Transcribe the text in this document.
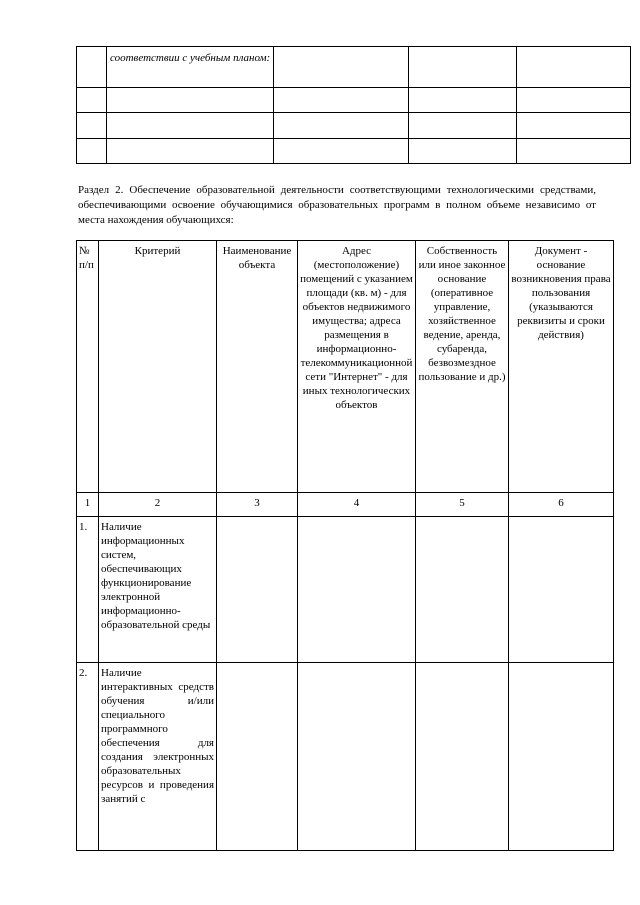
	соответствии с учебным планом:			

Раздел 2. Обеспечение образовательной деятельности соответствующими технологическими средствами, обеспечивающими освоение обучающимися образовательных программ в полном объеме независимо от места нахождения обучающихся:
№ п/п	Критерий	Наименование объекта	Адрес (местоположение) помещений с указанием площади (кв. м) - для объектов недвижимого имущества; адреса размещения в информационно-телекоммуникационной сети "Интернет" - для иных технологических объектов	Собственность или иное законное основание (оперативное управление, хозяйственное ведение, аренда, субаренда, безвозмездное пользование и др.)	Документ - основание возникновения права пользования (указываются реквизиты и сроки действия)
1	2	3	4	5	6
1.	Наличие информационных систем, обеспечивающих функционирование электронной информационно-образовательной среды				
2.	Наличие интерактивных средств обучения и/или специального программного обеспечения для создания электронных образовательных ресурсов и проведения занятий с				
